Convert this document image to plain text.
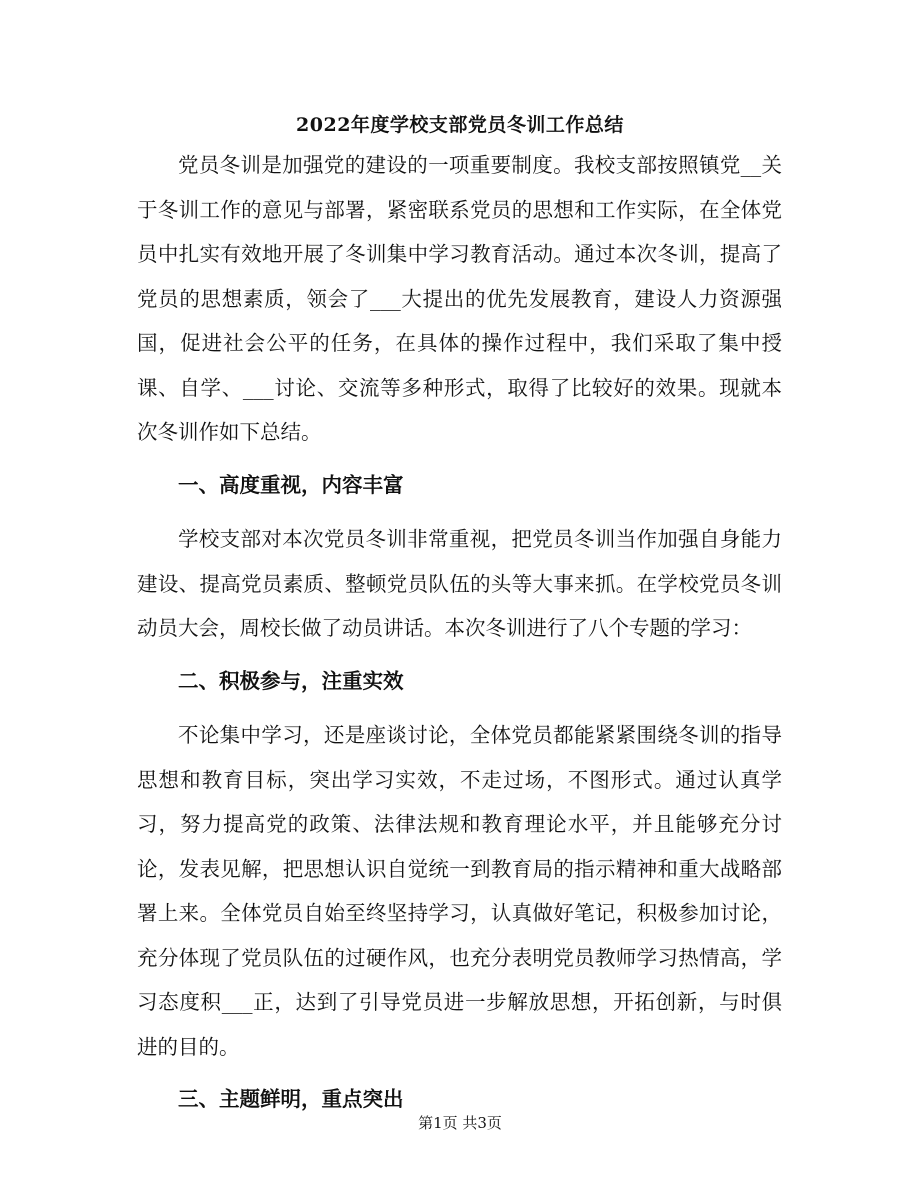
2022年度学校支部党员冬训工作总结

党员冬训是加强党的建设的一项重要制度。我校支部按照镇党__关于冬训工作的意见与部署，紧密联系党员的思想和工作实际，在全体党员中扎实有效地开展了冬训集中学习教育活动。通过本次冬训，提高了党员的思想素质，领会了___大提出的优先发展教育，建设人力资源强国，促进社会公平的任务，在具体的操作过程中，我们采取了集中授课、自学、___讨论、交流等多种形式，取得了比较好的效果。现就本次冬训作如下总结。

一、高度重视，内容丰富

学校支部对本次党员冬训非常重视，把党员冬训当作加强自身能力建设、提高党员素质、整顿党员队伍的头等大事来抓。在学校党员冬训动员大会，周校长做了动员讲话。本次冬训进行了八个专题的学习：

二、积极参与，注重实效

不论集中学习，还是座谈讨论，全体党员都能紧紧围绕冬训的指导思想和教育目标，突出学习实效，不走过场，不图形式。通过认真学习，努力提高党的政策、法律法规和教育理论水平，并且能够充分讨论，发表见解，把思想认识自觉统一到教育局的指示精神和重大战略部署上来。全体党员自始至终坚持学习，认真做好笔记，积极参加讨论，充分体现了党员队伍的过硬作风，也充分表明党员教师学习热情高，学习态度积___正，达到了引导党员进一步解放思想，开拓创新，与时俱进的目的。

三、主题鲜明，重点突出
第1页 共3页
